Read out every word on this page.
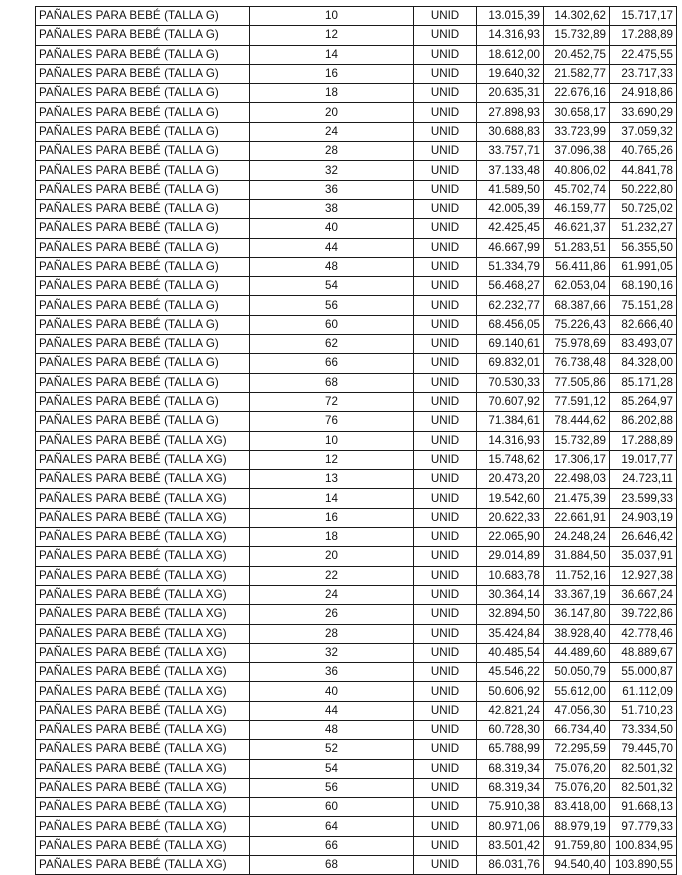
PAÑALES PARA BEBÉ (TALLA G)	10	UNID	13.015,39	14.302,62	15.717,17
PAÑALES PARA BEBÉ (TALLA G)	12	UNID	14.316,93	15.732,89	17.288,89
PAÑALES PARA BEBÉ (TALLA G)	14	UNID	18.612,00	20.452,75	22.475,55
PAÑALES PARA BEBÉ (TALLA G)	16	UNID	19.640,32	21.582,77	23.717,33
PAÑALES PARA BEBÉ (TALLA G)	18	UNID	20.635,31	22.676,16	24.918,86
PAÑALES PARA BEBÉ (TALLA G)	20	UNID	27.898,93	30.658,17	33.690,29
PAÑALES PARA BEBÉ (TALLA G)	24	UNID	30.688,83	33.723,99	37.059,32
PAÑALES PARA BEBÉ (TALLA G)	28	UNID	33.757,71	37.096,38	40.765,26
PAÑALES PARA BEBÉ (TALLA G)	32	UNID	37.133,48	40.806,02	44.841,78
PAÑALES PARA BEBÉ (TALLA G)	36	UNID	41.589,50	45.702,74	50.222,80
PAÑALES PARA BEBÉ (TALLA G)	38	UNID	42.005,39	46.159,77	50.725,02
PAÑALES PARA BEBÉ (TALLA G)	40	UNID	42.425,45	46.621,37	51.232,27
PAÑALES PARA BEBÉ (TALLA G)	44	UNID	46.667,99	51.283,51	56.355,50
PAÑALES PARA BEBÉ (TALLA G)	48	UNID	51.334,79	56.411,86	61.991,05
PAÑALES PARA BEBÉ (TALLA G)	54	UNID	56.468,27	62.053,04	68.190,16
PAÑALES PARA BEBÉ (TALLA G)	56	UNID	62.232,77	68.387,66	75.151,28
PAÑALES PARA BEBÉ (TALLA G)	60	UNID	68.456,05	75.226,43	82.666,40
PAÑALES PARA BEBÉ (TALLA G)	62	UNID	69.140,61	75.978,69	83.493,07
PAÑALES PARA BEBÉ (TALLA G)	66	UNID	69.832,01	76.738,48	84.328,00
PAÑALES PARA BEBÉ (TALLA G)	68	UNID	70.530,33	77.505,86	85.171,28
PAÑALES PARA BEBÉ (TALLA G)	72	UNID	70.607,92	77.591,12	85.264,97
PAÑALES PARA BEBÉ (TALLA G)	76	UNID	71.384,61	78.444,62	86.202,88
PAÑALES PARA BEBÉ (TALLA XG)	10	UNID	14.316,93	15.732,89	17.288,89
PAÑALES PARA BEBÉ (TALLA XG)	12	UNID	15.748,62	17.306,17	19.017,77
PAÑALES PARA BEBÉ (TALLA XG)	13	UNID	20.473,20	22.498,03	24.723,11
PAÑALES PARA BEBÉ (TALLA XG)	14	UNID	19.542,60	21.475,39	23.599,33
PAÑALES PARA BEBÉ (TALLA XG)	16	UNID	20.622,33	22.661,91	24.903,19
PAÑALES PARA BEBÉ (TALLA XG)	18	UNID	22.065,90	24.248,24	26.646,42
PAÑALES PARA BEBÉ (TALLA XG)	20	UNID	29.014,89	31.884,50	35.037,91
PAÑALES PARA BEBÉ (TALLA XG)	22	UNID	10.683,78	11.752,16	12.927,38
PAÑALES PARA BEBÉ (TALLA XG)	24	UNID	30.364,14	33.367,19	36.667,24
PAÑALES PARA BEBÉ (TALLA XG)	26	UNID	32.894,50	36.147,80	39.722,86
PAÑALES PARA BEBÉ (TALLA XG)	28	UNID	35.424,84	38.928,40	42.778,46
PAÑALES PARA BEBÉ (TALLA XG)	32	UNID	40.485,54	44.489,60	48.889,67
PAÑALES PARA BEBÉ (TALLA XG)	36	UNID	45.546,22	50.050,79	55.000,87
PAÑALES PARA BEBÉ (TALLA XG)	40	UNID	50.606,92	55.612,00	61.112,09
PAÑALES PARA BEBÉ (TALLA XG)	44	UNID	42.821,24	47.056,30	51.710,23
PAÑALES PARA BEBÉ (TALLA XG)	48	UNID	60.728,30	66.734,40	73.334,50
PAÑALES PARA BEBÉ (TALLA XG)	52	UNID	65.788,99	72.295,59	79.445,70
PAÑALES PARA BEBÉ (TALLA XG)	54	UNID	68.319,34	75.076,20	82.501,32
PAÑALES PARA BEBÉ (TALLA XG)	56	UNID	68.319,34	75.076,20	82.501,32
PAÑALES PARA BEBÉ (TALLA XG)	60	UNID	75.910,38	83.418,00	91.668,13
PAÑALES PARA BEBÉ (TALLA XG)	64	UNID	80.971,06	88.979,19	97.779,33
PAÑALES PARA BEBÉ (TALLA XG)	66	UNID	83.501,42	91.759,80	100.834,95
PAÑALES PARA BEBÉ (TALLA XG)	68	UNID	86.031,76	94.540,40	103.890,55
